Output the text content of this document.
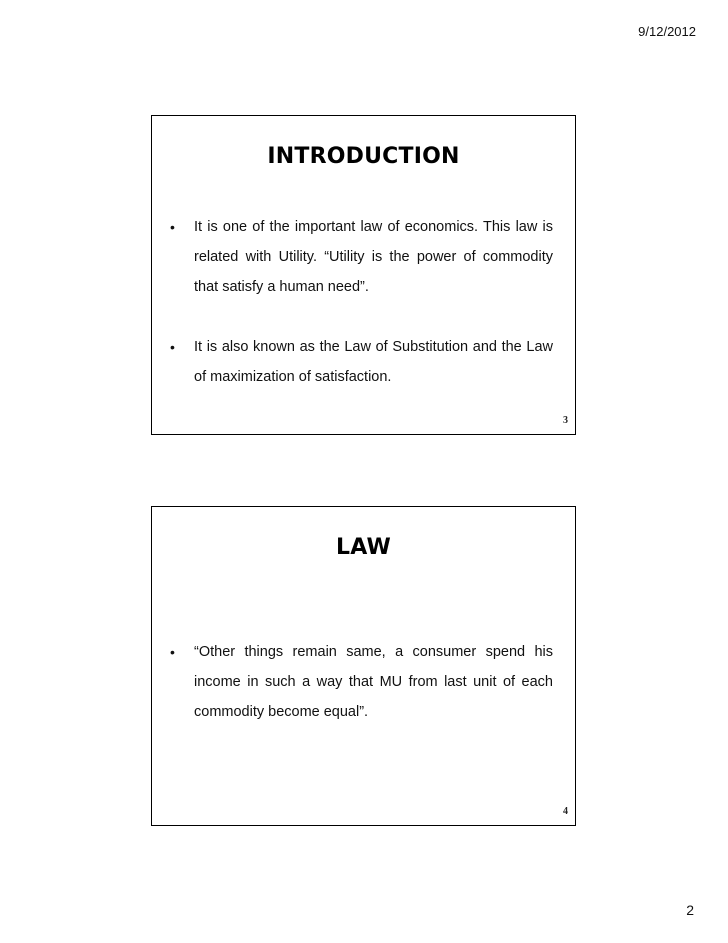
9/12/2012
INTRODUCTION
• It is one of the important law of economics. This law is related with Utility. “Utility is the power of commodity that satisfy a human need”.
• It is also known as the Law of Substitution and the Law of maximization of satisfaction.
3
LAW
• “Other things remain same, a consumer spend his income in such a way that MU from last unit of each commodity become equal”.
4
2
